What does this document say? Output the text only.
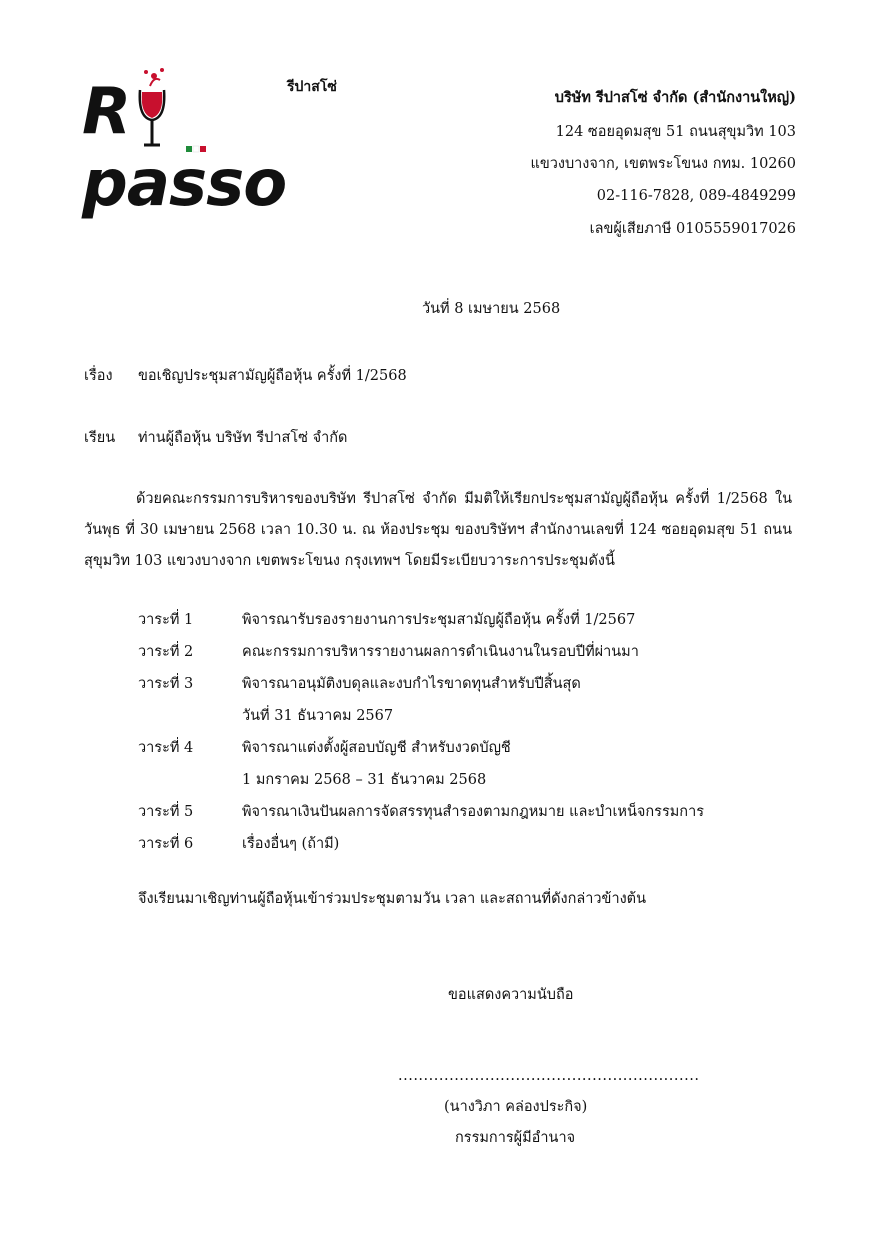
Rpasso
รีปาสโซ่
บริษัท รีปาสโซ่ จำกัด (สำนักงานใหญ่)
124 ซอยอุดมสุข 51 ถนนสุขุมวิท 103
แขวงบางจาก, เขตพระโขนง กทม. 10260
02-116-7828, 089-4849299
เลขผู้เสียภาษี 0105559017026
วันที่ 8 เมษายน 2568
เรื่อง ขอเชิญประชุมสามัญผู้ถือหุ้น ครั้งที่ 1/2568
เรียน ท่านผู้ถือหุ้น บริษัท รีปาสโซ่ จำกัด
ด้วยคณะกรรมการบริหารของบริษัท รีปาสโซ่ จำกัด มีมติให้เรียกประชุมสามัญผู้ถือหุ้น ครั้งที่ 1/2568 ใน วันพุธ ที่ 30 เมษายน 2568 เวลา 10.30 น. ณ ห้องประชุม ของบริษัทฯ สำนักงานเลขที่ 124 ซอยอุดมสุข 51 ถนน สุขุมวิท 103 แขวงบางจาก เขตพระโขนง กรุงเทพฯ โดยมีระเบียบวาระการประชุมดังนี้
วาระที่ 1	พิจารณารับรองรายงานการประชุมสามัญผู้ถือหุ้น ครั้งที่ 1/2567
วาระที่ 2	คณะกรรมการบริหารรายงานผลการดำเนินงานในรอบปีที่ผ่านมา
วาระที่ 3	พิจารณาอนุมัติงบดุลและงบกำไรขาดทุนสำหรับปีสิ้นสุด
วันที่ 31 ธันวาคม 2567
วาระที่ 4	พิจารณาแต่งตั้งผู้สอบบัญชี สำหรับงวดบัญชี
1 มกราคม 2568 – 31 ธันวาคม 2568
วาระที่ 5	พิจารณาเงินปันผลการจัดสรรทุนสำรองตามกฎหมาย และบำเหน็จกรรมการ
วาระที่ 6	เรื่องอื่นๆ (ถ้ามี)
จึงเรียนมาเชิญท่านผู้ถือหุ้นเข้าร่วมประชุมตามวัน เวลา และสถานที่ดังกล่าวข้างต้น
ขอแสดงความนับถือ
...........................................................
(นางวิภา คล่องประกิจ)
กรรมการผู้มีอำนาจ
